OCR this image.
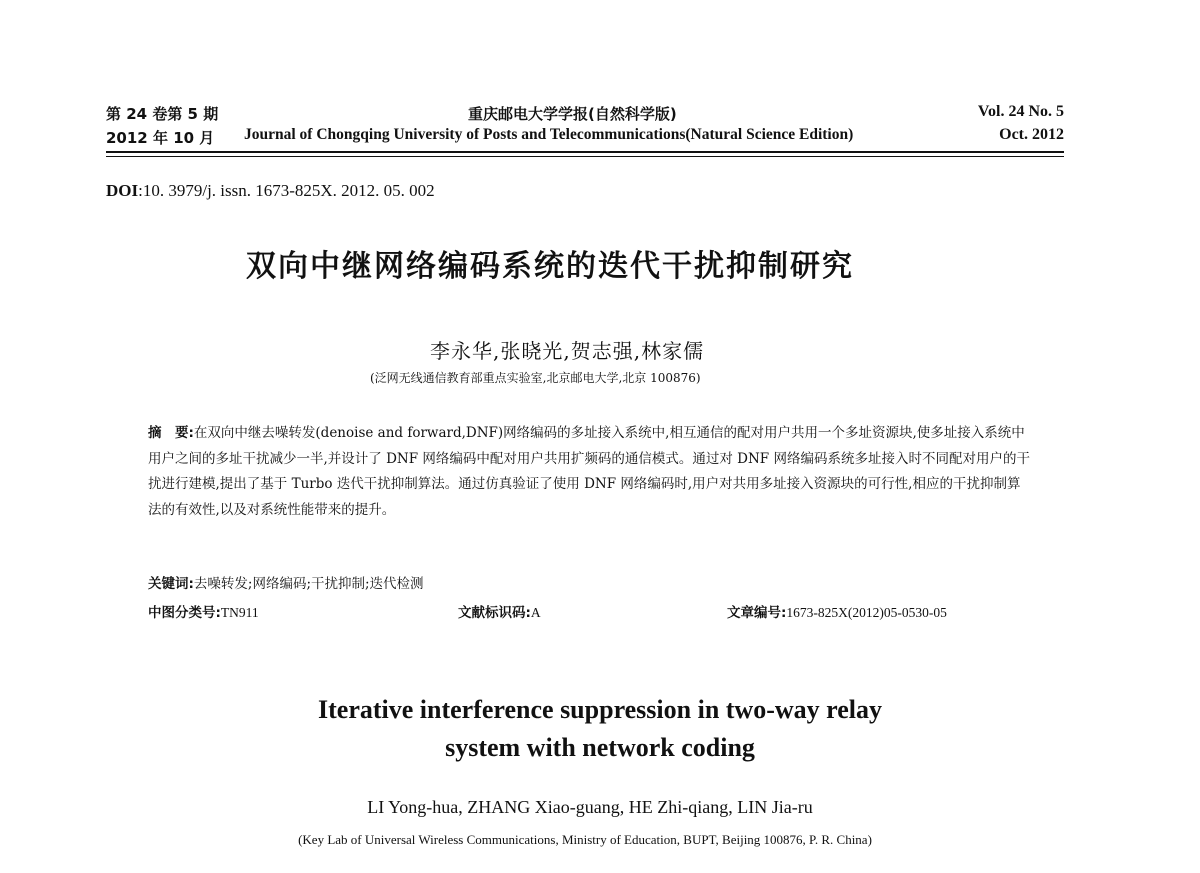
第 24 卷第 5 期	重庆邮电大学学报(自然科学版)	Vol. 24 No. 5
2012 年 10 月 Journal of Chongqing University of Posts and Telecommunications(Natural Science Edition)	Oct. 2012
DOI:10. 3979/j. issn. 1673-825X. 2012. 05. 002
双向中继网络编码系统的迭代干扰抑制研究
李永华,张晓光,贺志强,林家儒
(泛网无线通信教育部重点实验室,北京邮电大学,北京 100876)
摘　要:在双向中继去噪转发(denoise and forward,DNF)网络编码的多址接入系统中,相互通信的配对用户共用一个多址资源块,使多址接入系统中用户之间的多址干扰减少一半,并设计了 DNF 网络编码中配对用户共用扩频码的通信模式。通过对 DNF 网络编码系统多址接入时不同配对用户的干扰进行建模,提出了基于 Turbo 迭代干扰抑制算法。通过仿真验证了使用 DNF 网络编码时,用户对共用多址接入资源块的可行性,相应的干扰抑制算法的有效性,以及对系统性能带来的提升。
关键词:去噪转发;网络编码;干扰抑制;迭代检测
中图分类号:TN911	文献标识码:A	文章编号:1673-825X(2012)05-0530-05
Iterative interference suppression in two-way relay
system with network coding
LI Yong-hua, ZHANG Xiao-guang, HE Zhi-qiang, LIN Jia-ru
(Key Lab of Universal Wireless Communications, Ministry of Education, BUPT, Beijing 100876, P. R. China)
